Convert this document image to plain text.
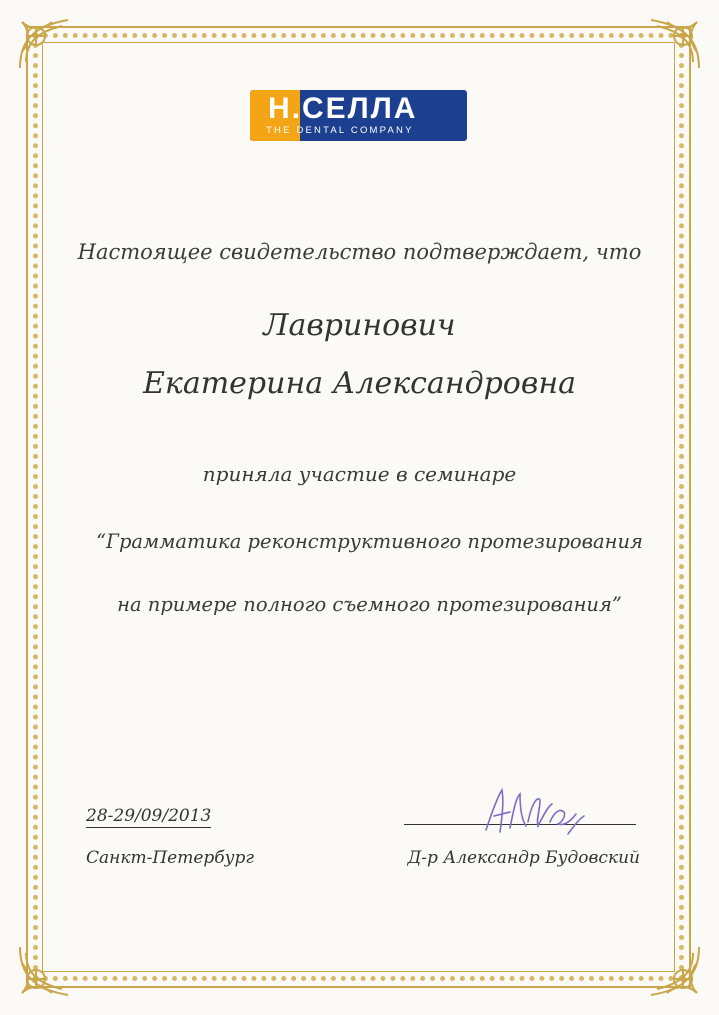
Н.СЕЛЛА
THE DENTAL COMPANY
Настоящее свидетельство подтверждает, что
Лавринович
Екатерина Александровна
приняла участие в семинаре
“Грамматика реконструктивного протезирования
на примере полного съемного протезирования”
28-29/09/2013
Санкт-Петербург	Д-р Александр Будовский
